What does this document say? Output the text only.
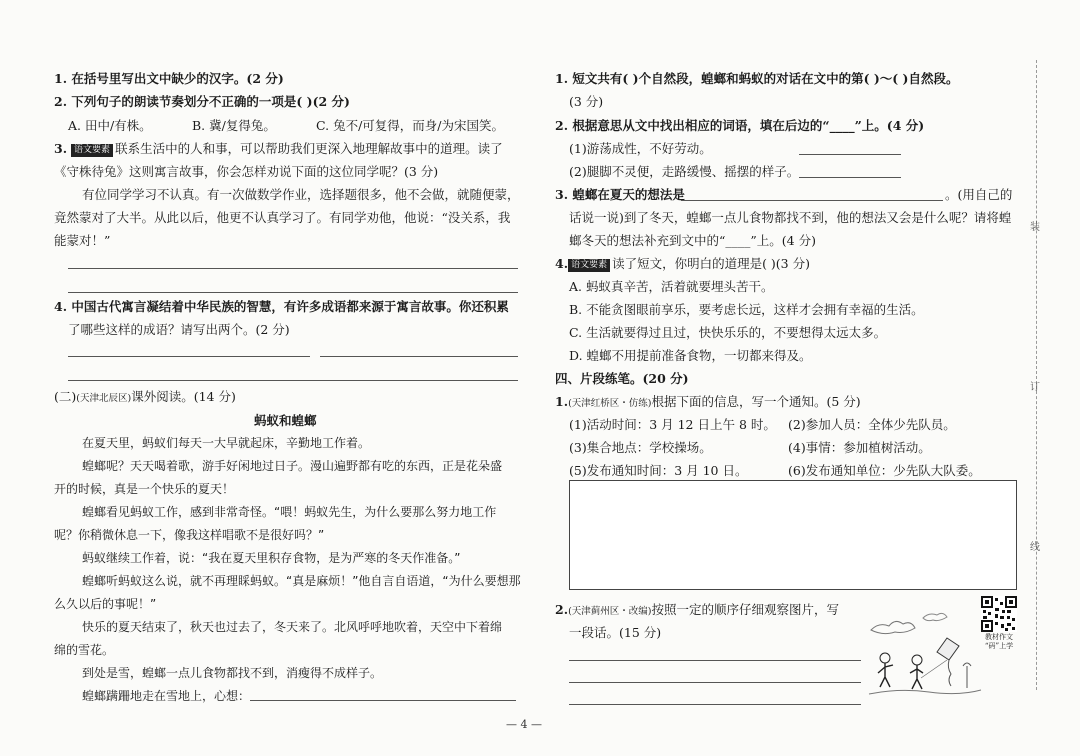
1. 在括号里写出文中缺少的汉字。(2 分)
2. 下列句子的朗读节奏划分不正确的一项是( )(2 分)
A. 田中/有株。	B. 冀/复得兔。	C. 兔不/可复得，而身/为宋国笑。
3. 语文要素 联系生活中的人和事，可以帮助我们更深入地理解故事中的道理。读了
《守株待兔》这则寓言故事，你会怎样劝说下面的这位同学呢？(3 分)
有位同学学习不认真。有一次做数学作业，选择题很多，他不会做，就随便蒙，
竟然蒙对了大半。从此以后，他更不认真学习了。有同学劝他，他说：“没关系，我
能蒙对！”
4. 中国古代寓言凝结着中华民族的智慧，有许多成语都来源于寓言故事。你还积累
了哪些这样的成语？请写出两个。(2 分)
(二)(天津北辰区)课外阅读。(14 分)
蚂蚁和蝗螂
在夏天里，蚂蚁们每天一大早就起床，辛勤地工作着。
蝗螂呢？天天喝着歌，游手好闲地过日子。漫山遍野都有吃的东西，正是花朵盛
开的时候，真是一个快乐的夏天！
蝗螂看见蚂蚁工作，感到非常奇怪。“喂！蚂蚁先生，为什么要那么努力地工作
呢？你稍微休息一下，像我这样唱歌不是很好吗？”
蚂蚁继续工作着，说：“我在夏天里积存食物，是为严寒的冬天作准备。”
蝗螂听蚂蚁这么说，就不再理睬蚂蚁。“真是麻烦！”他自言自语道，“为什么要想那
么久以后的事呢！”
快乐的夏天结束了，秋天也过去了，冬天来了。北风呼呼地吹着，天空中下着绵
绵的雪花。
到处是雪，蝗螂一点儿食物都找不到，消瘦得不成样子。
蝗螂蹒跚地走在雪地上，心想：
1. 短文共有( )个自然段，蝗螂和蚂蚁的对话在文中的第( )～( )自然段。
(3 分)
2. 根据意思从文中找出相应的词语，填在后边的“____”上。(4 分)
(1)游荡成性，不好劳动。
(2)腿脚不灵便，走路缓慢、摇摆的样子。
3. 蝗螂在夏天的想法是	。(用自己的
话说一说)到了冬天，蝗螂一点儿食物都找不到，他的想法又会是什么呢？请将蝗
螂冬天的想法补充到文中的“____”上。(4 分)
4. 语文要素 读了短文，你明白的道理是( )(3 分)
A. 蚂蚁真辛苦，活着就要埋头苦干。
B. 不能贪图眼前享乐，要考虑长远，这样才会拥有幸福的生活。
C. 生活就要得过且过，快快乐乐的，不要想得太远太多。
D. 蝗螂不用提前准备食物，一切都来得及。
四、片段练笔。(20 分)
1.(天津红桥区・仿练)根据下面的信息，写一个通知。(5 分)
(1)活动时间：3 月 12 日上午 8 时。 (2)参加人员：全体少先队员。
(3)集合地点：学校操场。	(4)事情：参加植树活动。
(5)发布通知时间：3 月 10 日。	(6)发布通知单位：少先队大队委。
2.(天津蓟州区・改编)按照一定的顺序仔细观察图片，写
一段话。(15 分)	教材作文
“码”上学
装
订
线
— 4 —
